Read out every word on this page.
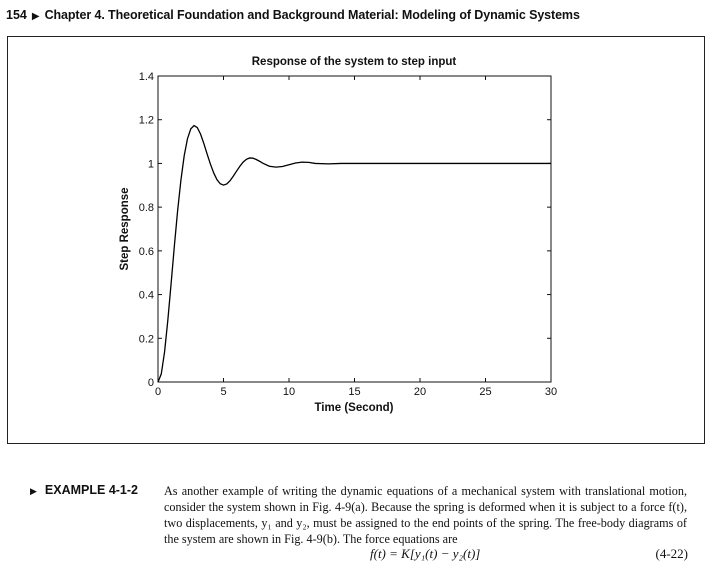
154 ▶ Chapter 4. Theoretical Foundation and Background Material: Modeling of Dynamic Systems
Response of the system to step input
0
0.2
0.4
0.6
0.8
1
1.2
1.4
0	5	10	15	20	25	30
Time (Second)
Step Response
▶ EXAMPLE 4-1-2 As another example of writing the dynamic equations of a mechanical system with translational motion, consider the system shown in Fig. 4-9(a). Because the spring is deformed when it is subject to a force f(t), two displacements, y₁ and y₂, must be assigned to the end points of the spring. The free-body diagrams of the system are shown in Fig. 4-9(b). The force equations are
f(t) = K[y₁(t) − y₂(t)]	(4-22)
